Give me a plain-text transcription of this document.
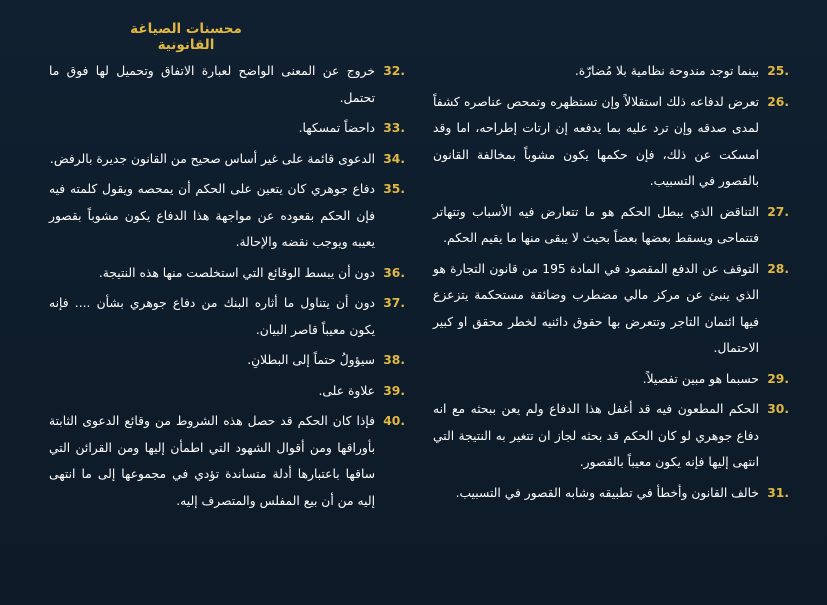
محسنات الصياغة القانونية
25.
بينما توجد مندوحة نظامية بلا مُضارّة.
26.
تعرض لدفاعه ذلك استقلالاً وإن تستظهره وتمحص عناصره كشفاً لمدى صدقه وإن ترد عليه بما يدفعه إن ارتات إطراحه، اما وقد امسكت عن ذلك، فإن حكمها يكون مشوباً بمخالفة القانون بالقصور في التسبيب.
27.
التناقض الذي يبطل الحكم هو ما تتعارض فيه الأسباب وتتهاتر فتتماحى ويسقط بعضها بعضاً بحيث لا يبقى منها ما يقيم الحكم.
28.
التوقف عن الدفع المقصود في المادة 195 من قانون التجارة هو الذي ينبئ عن مركز مالي مضطرب وضائقة مستحكمة يتزعزع فيها ائتمان التاجر وتتعرض بها حقوق دائنيه لخطر محقق او كبير الاحتمال.
29.
حسبما هو مبين تفصيلاً.
30.
الحكم المطعون فيه قد أغفل هذا الدفاع ولم يعن ببحثه مع انه دفاع جوهري لو كان الحكم قد بحثه لجاز ان تتغير به النتيجة التي انتهى إليها فإنه يكون معيباً بالقصور.
31.
خالف القانون وأخطأ في تطبيقه وشابه القصور في التسبيب.
32.
خروج عن المعنى الواضح لعبارة الاتفاق وتحميل لها فوق ما تحتمل.
33.
داحضاً تمسكها.
34.
الدعوى قائمة على غير أساس صحيح من القانون جديرة بالرفض.
35.
دفاع جوهري كان يتعين على الحكم أن يمحصه ويقول كلمته فيه فإن الحكم بقعوده عن مواجهة هذا الدفاع يكون مشوباً بقصور يعيبه ويوجب نقضه والإحالة.
36.
دون أن يبسط الوقائع التي استخلصت منها هذه النتيجة.
37.
دون أن يتناول ما أثاره البنك من دفاع جوهري بشأن .... فإنه يكون معيباً قاصر البيان.
38.
سيؤولُ حتماً إلى البطلانِ.
39.
علاوة على.
40.
فإذا كان الحكم قد حصل هذه الشروط من وقائع الدعوى الثابتة بأوراقها ومن أقوال الشهود التي اطمأن إليها ومن القرائن التي ساقها باعتبارها أدلة متساندة تؤدي في مجموعها إلى ما انتهى إليه من أن بيع المفلس والمتصرف إليه.
